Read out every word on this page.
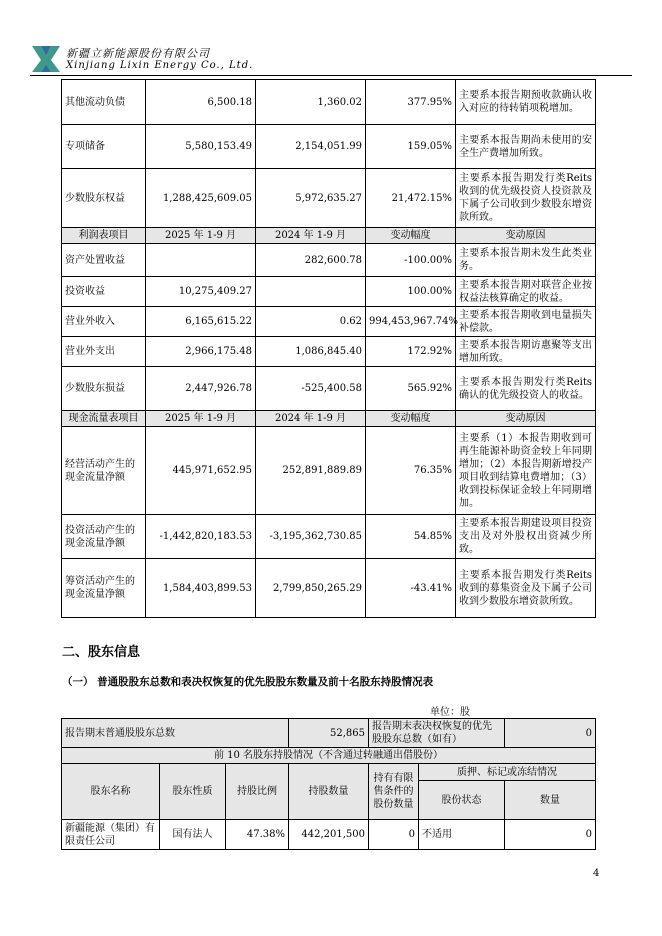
新疆立新能源股份有限公司
Xinjiang Lixin Energy Co., Ltd.
其他流动负债	6,500.18	1,360.02	377.95%	主要系本报告期预收款确认收入对应的待转销项税增加。
专项储备	5,580,153.49	2,154,051.99	159.05%	主要系本报告期尚未使用的安全生产费增加所致。
少数股东权益	1,288,425,609.05	5,972,635.27	21,472.15%	主要系本报告期发行类Reits收到的优先级投资人投资款及下属子公司收到少数股东增资款所致。
利润表项目	2025 年 1-9 月	2024 年 1-9 月	变动幅度	变动原因
资产处置收益		282,600.78	-100.00%	主要系本报告期未发生此类业务。
投资收益	10,275,409.27		100.00%	主要系本报告期对联营企业按权益法核算确定的收益。
营业外收入	6,165,615.22	0.62	994,453,967.74%	主要系本报告期收到电量损失补偿款。
营业外支出	2,966,175.48	1,086,845.40	172.92%	主要系本报告期访惠聚等支出增加所致。
少数股东损益	2,447,926.78	-525,400.58	565.92%	主要系本报告期发行类Reits确认的优先级投资人的收益。
现金流量表项目	2025 年 1-9 月	2024 年 1-9 月	变动幅度	变动原因
经营活动产生的现金流量净额	445,971,652.95	252,891,889.89	76.35%	主要系（1）本报告期收到可再生能源补助资金较上年同期增加；（2）本报告期新增投产项目收到结算电费增加；（3）收到投标保证金较上年同期增加。
投资活动产生的现金流量净额	-1,442,820,183.53	-3,195,362,730.85	54.85%	主要系本报告期建设项目投资支出及对外股权出资减少所致。
筹资活动产生的现金流量净额	1,584,403,899.53	2,799,850,265.29	-43.41%	主要系本报告期发行类Reits收到的募集资金及下属子公司收到少数股东增资款所致。
二、股东信息
（一） 普通股股东总数和表决权恢复的优先股股东数量及前十名股东持股情况表
单位：股
报告期末普通股股东总数			52,865	报告期末表决权恢复的优先股股东总数（如有）		0
前 10 名股东持股情况（不含通过转融通出借股份）						
股东名称	股东性质	持股比例	持股数量	持有有限售条件的股份数量	质押、标记或冻结情况	
					股份状态	数量
新疆能源（集团）有限责任公司	国有法人	47.38%	442,201,500	0	不适用	0
4
